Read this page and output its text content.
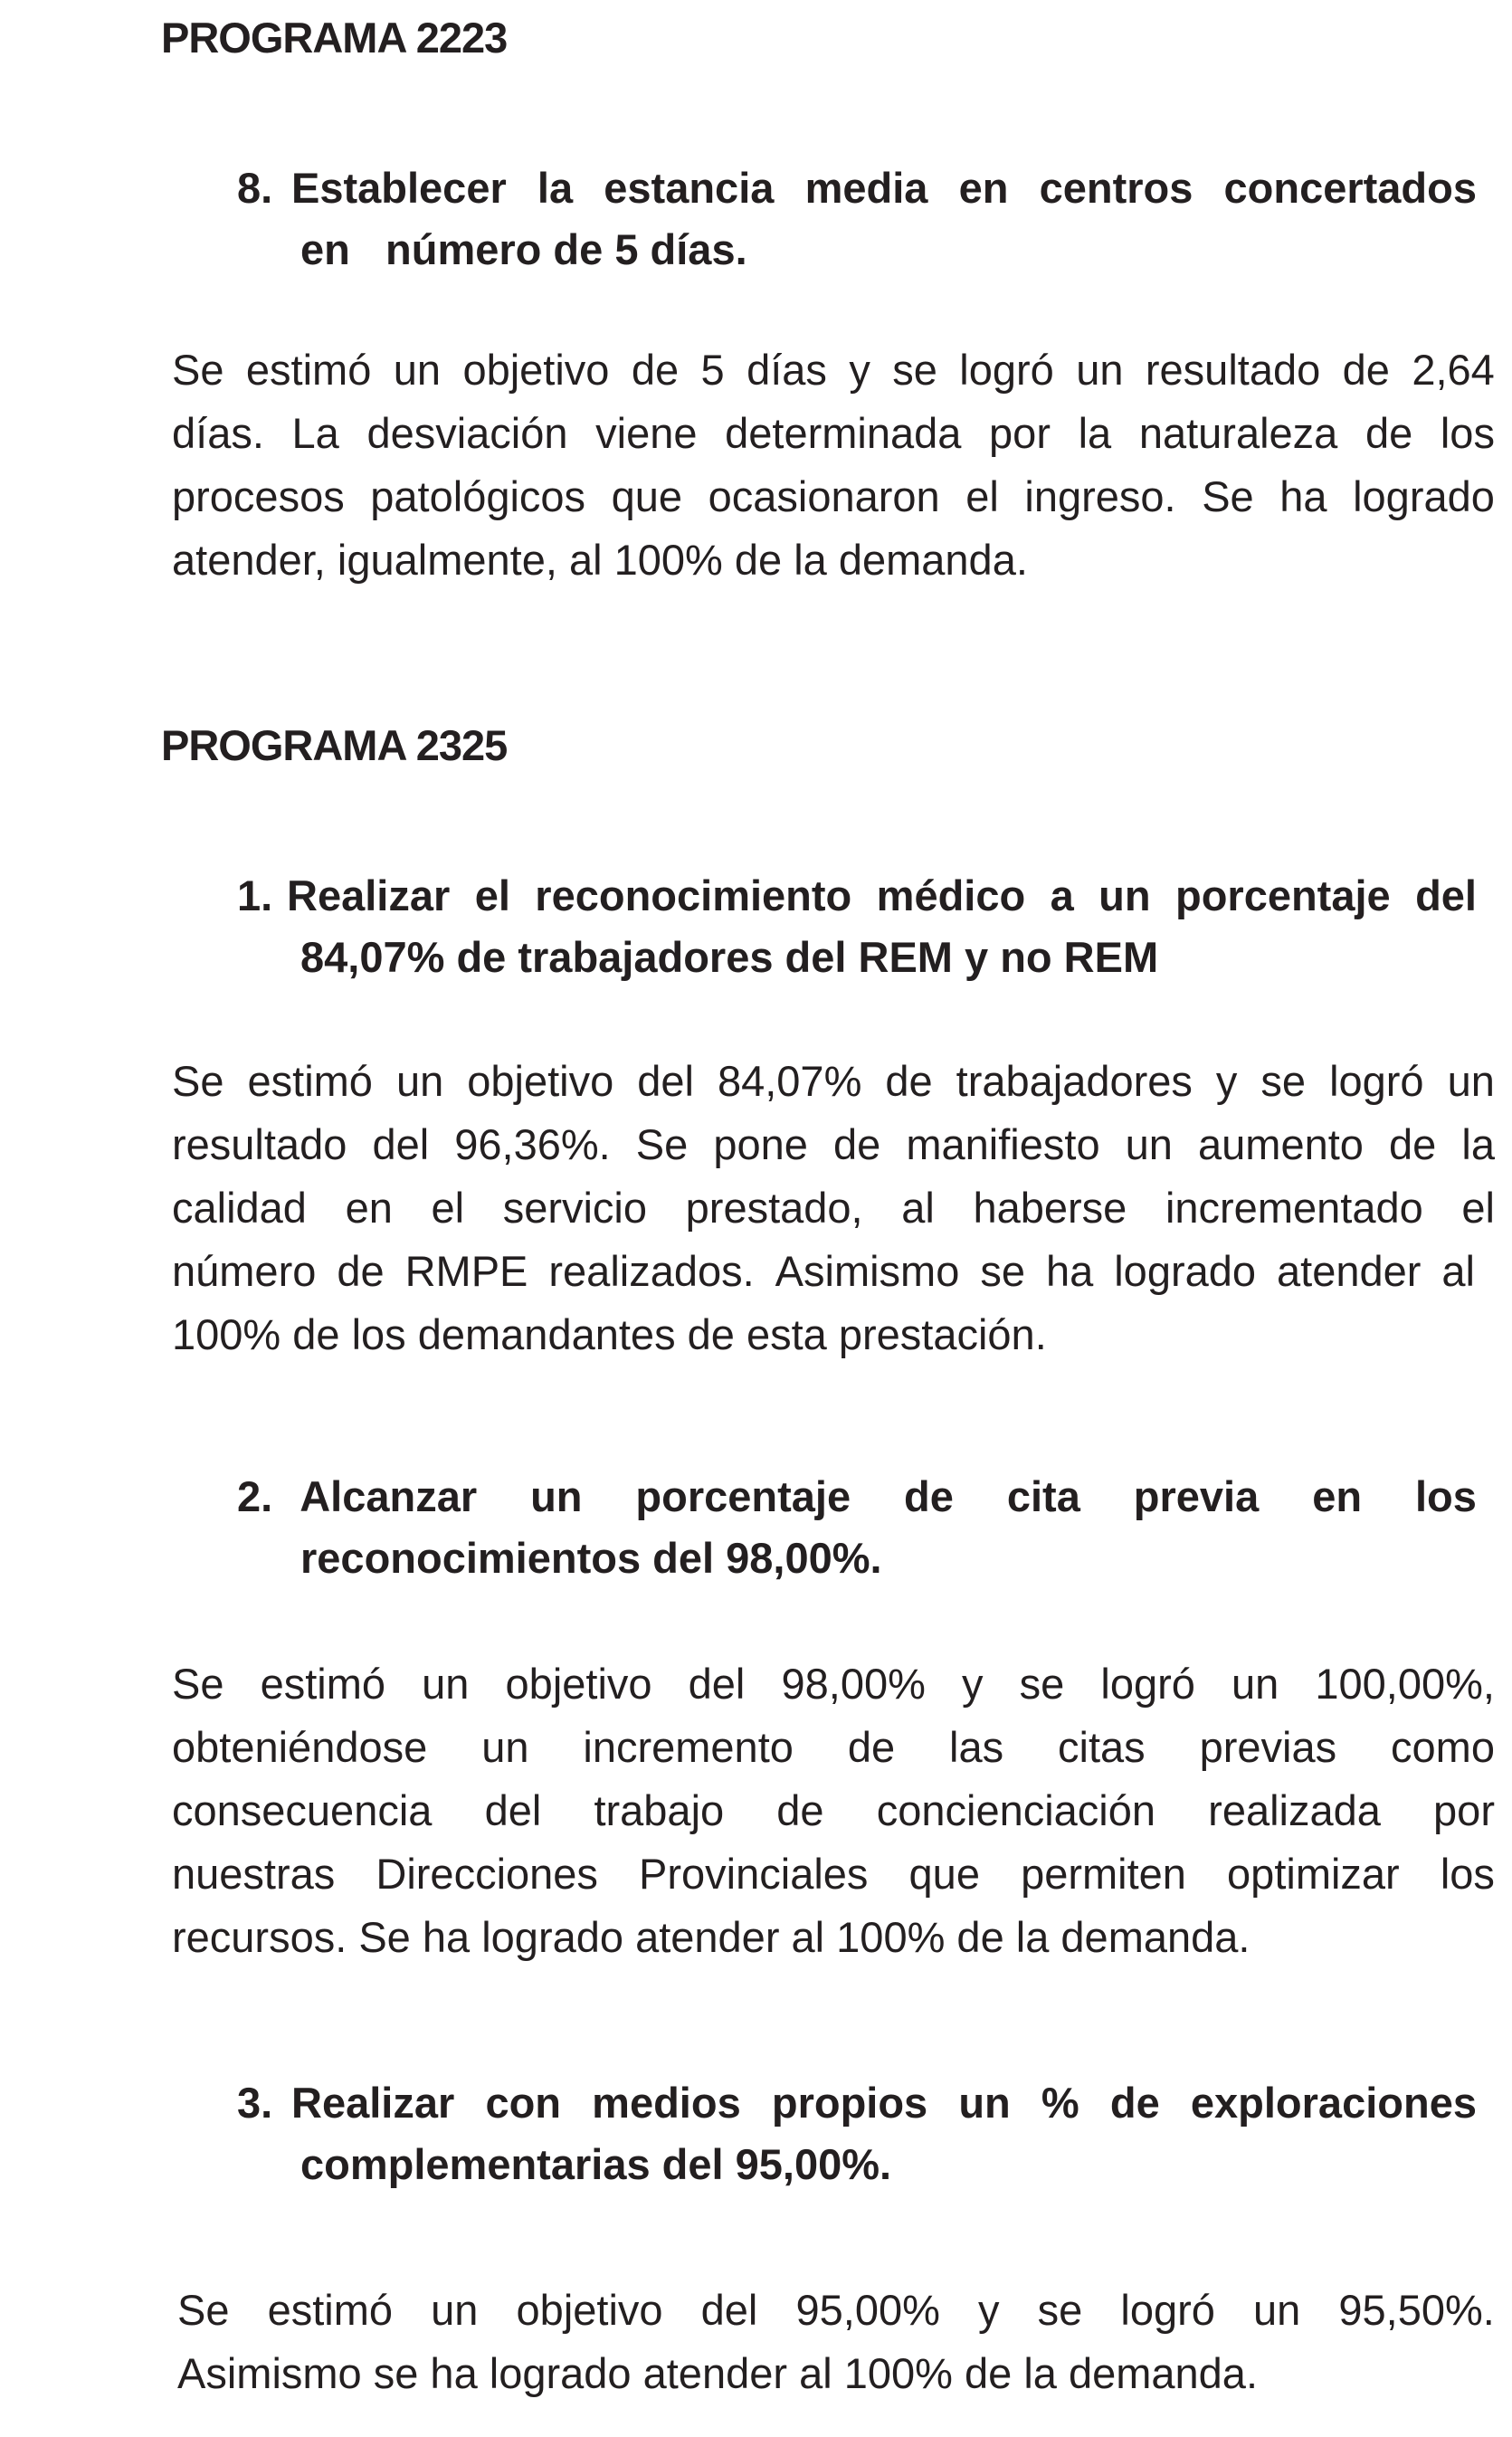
PROGRAMA 2223
8. Establecer la estancia media en centros concertados
en   número de 5 días.
Se estimó un objetivo de 5 días y se logró un resultado de 2,64
días. La desviación viene determinada por la naturaleza de los
procesos patológicos que ocasionaron el ingreso. Se ha logrado
atender, igualmente, al 100% de la demanda.
PROGRAMA 2325
1. Realizar el reconocimiento médico a un porcentaje del
84,07% de trabajadores del REM y no REM
Se estimó un objetivo del 84,07% de trabajadores y se logró un
resultado del 96,36%. Se pone de manifiesto un aumento de la
calidad en el servicio prestado, al haberse incrementado el
número de RMPE realizados. Asimismo se ha logrado atender al
100% de los demandantes de esta prestación.
2. Alcanzar un porcentaje de cita previa en los
reconocimientos del 98,00%.
Se estimó un objetivo del 98,00% y se logró un 100,00%,
obteniéndose un incremento de las citas previas como
consecuencia del trabajo de concienciación realizada por
nuestras Direcciones Provinciales que permiten optimizar los
recursos. Se ha logrado atender al 100% de la demanda.
3. Realizar con medios propios un % de exploraciones
complementarias del 95,00%.
Se estimó un objetivo del 95,00% y se logró un 95,50%.
Asimismo se ha logrado atender al 100% de la demanda.
